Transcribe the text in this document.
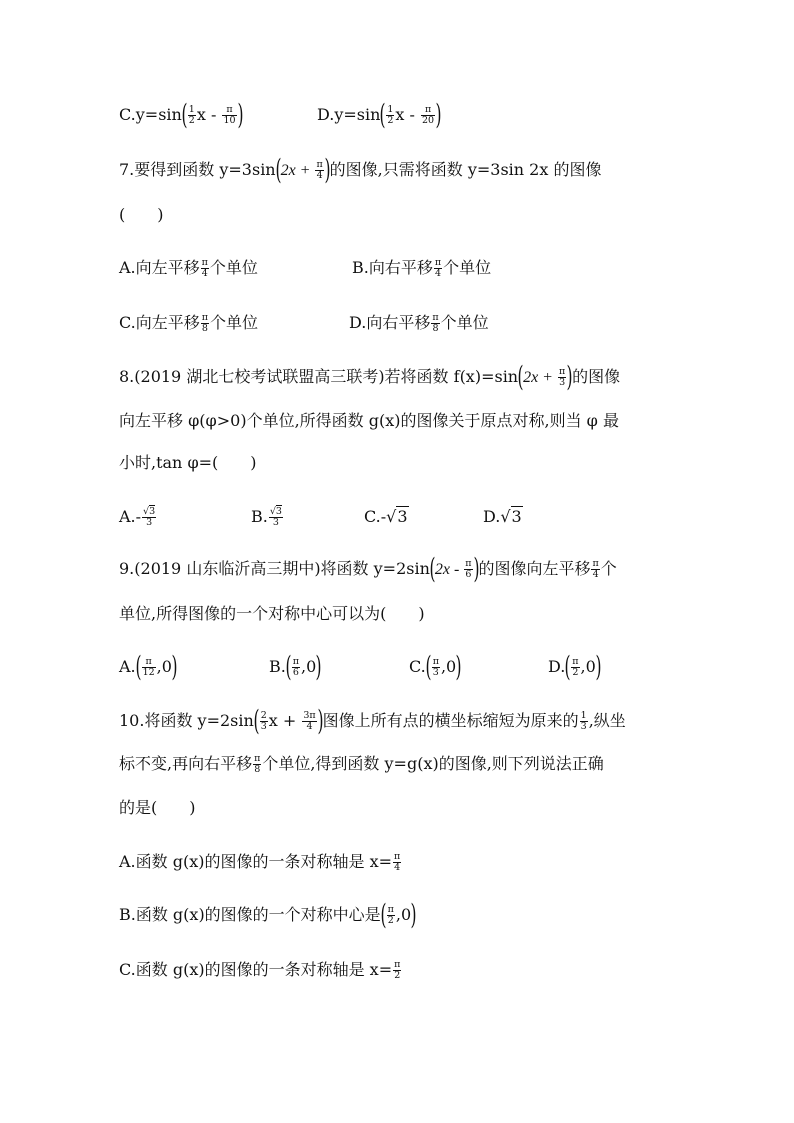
$C.y=\sin( \frac{1}{2}$ x - $\frac{\pi}{10}$ )	$D.y=\sin( \frac{1}{2}$ x - $\frac{\pi}{20}$ )
7.要得到函数 $y=3\sin(2x + \frac{\pi}{4}$ )的图像,只需将函数 y=3sin 2x 的图像
(　　)
A.向左平移 $\frac{\pi}{4}$ 个单位	B.向右平移 $\frac{\pi}{4}$ 个单位
C.向左平移 $\frac{\pi}{8}$ 个单位	D.向右平移 $\frac{\pi}{8}$ 个单位
8.(2019 湖北七校考试联盟高三联考)若将函数 $f(x)=\sin(2x + \frac{\pi}{3}$ )的图像
向左平移 φ(φ>0)个单位,所得函数 g(x)的图像关于原点对称,则当 φ 最
小时,tan φ=(　　)
$A.- \frac{√3}{3}$	B. $\frac{√3}{3}$	C.-√3	D.√3
9.(2019 山东临沂高三期中)将函数 $y=2\sin(2x - \frac{\pi}{6}$ )的图像向左平移 $\frac{\pi}{4}$ 个
单位,所得图像的一个对称中心可以为(　　)
$A.( \frac{\pi}{12} ,0)$	$B.( \frac{\pi}{6} ,0)$	$C.( \frac{\pi}{3} ,0)$	$D.( \frac{\pi}{2} ,0)$
10.将函数 $y=2\sin( \frac{2}{3}$ $x + \frac{3\pi}{4}$ )图像上所有点的横坐标缩短为原来的 $\frac{1}{3}$ ,纵坐
标不变,再向右平移 $\frac{\pi}{8}$ 个单位,得到函数 y=g(x)的图像,则下列说法正确
的是(　　)
A.函数 g(x)的图像的一条对称轴是 $x= \frac{\pi}{4}$
B.函数 g(x)的图像的一个对称中心是( $\frac{\pi}{2} ,0$)
C.函数 g(x)的图像的一条对称轴是 $x= \frac{\pi}{2}$
